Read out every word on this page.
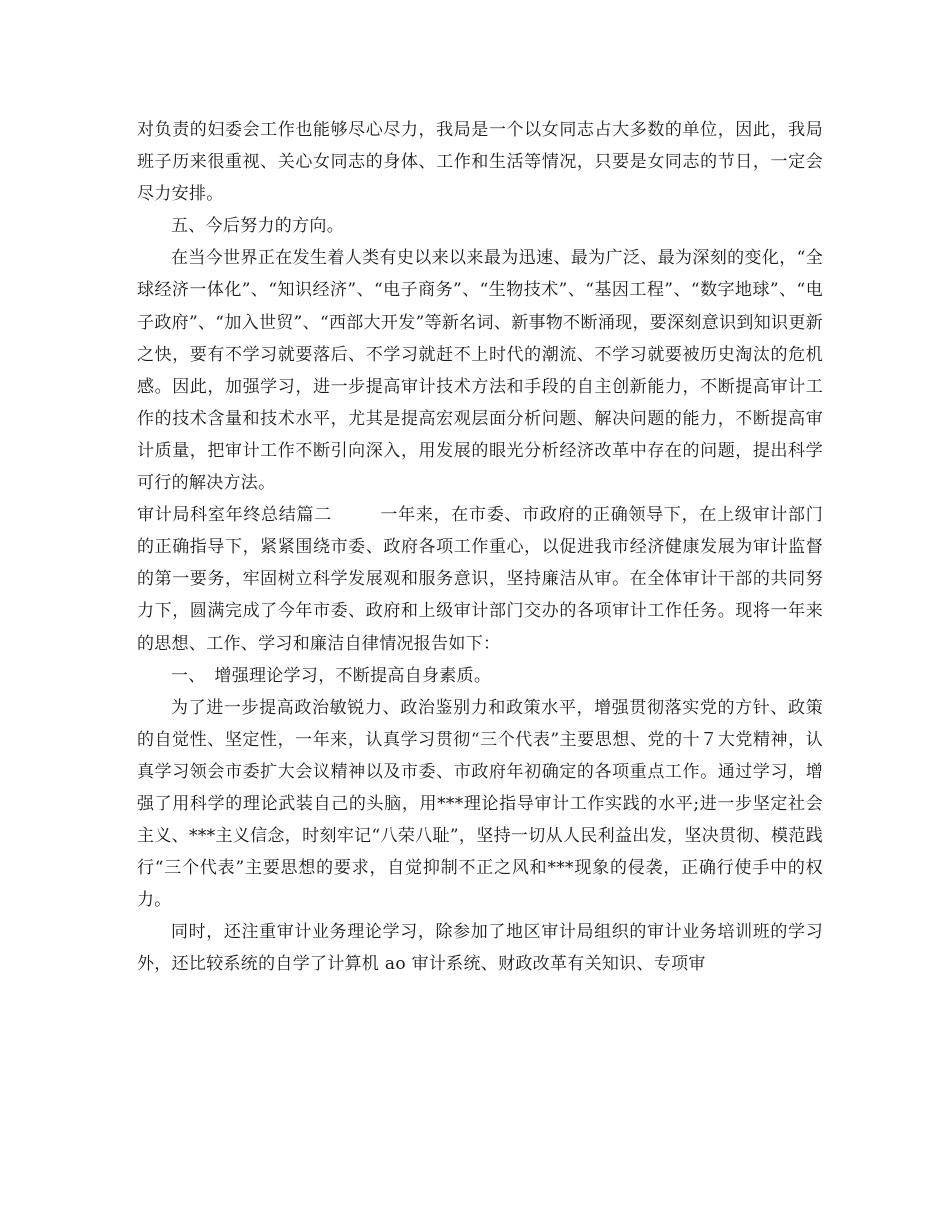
对负责的妇委会工作也能够尽心尽力，我局是一个以女同志占大多数的单位，因此，我局班子历来很重视、关心女同志的身体、工作和生活等情况，只要是女同志的节日，一定会尽力安排。

五、今后努力的方向。

在当今世界正在发生着人类有史以来以来最为迅速、最为广泛、最为深刻的变化，“全球经济一体化”、“知识经济”、“电子商务”、“生物技术”、“基因工程”、“数字地球”、“电子政府”、“加入世贸”、“西部大开发”等新名词、新事物不断涌现，要深刻意识到知识更新之快，要有不学习就要落后、不学习就赶不上时代的潮流、不学习就要被历史淘汰的危机感。因此，加强学习，进一步提高审计技术方法和手段的自主创新能力，不断提高审计工作的技术含量和技术水平，尤其是提高宏观层面分析问题、解决问题的能力，不断提高审计质量，把审计工作不断引向深入，用发展的眼光分析经济改革中存在的问题，提出科学可行的解决方法。

审计局科室年终总结篇二	一年来，在市委、市政府的正确领导下，在上级审计部门的正确指导下，紧紧围绕市委、政府各项工作重心，以促进我市经济健康发展为审计监督的第一要务，牢固树立科学发展观和服务意识，坚持廉洁从审。在全体审计干部的共同努力下，圆满完成了今年市委、政府和上级审计部门交办的各项审计工作任务。现将一年来的思想、工作、学习和廉洁自律情况报告如下：

一、　增强理论学习，不断提高自身素质。

为了进一步提高政治敏锐力、政治鉴别力和政策水平，增强贯彻落实党的方针、政策的自觉性、坚定性，一年来，认真学习贯彻“三个代表”主要思想、党的十７大党精神，认真学习领会市委扩大会议精神以及市委、市政府年初确定的各项重点工作。通过学习，增强了用科学的理论武装自己的头脑，用***理论指导审计工作实践的水平;进一步坚定社会主义、***主义信念，时刻牢记“八荣八耻”，坚持一切从人民利益出发，坚决贯彻、模范践行“三个代表”主要思想的要求，自觉抑制不正之风和***现象的侵袭，正确行使手中的权力。

同时，还注重审计业务理论学习，除参加了地区审计局组织的审计业务培训班的学习外，还比较系统的自学了计算机 ao 审计系统、财政改革有关知识、专项审
